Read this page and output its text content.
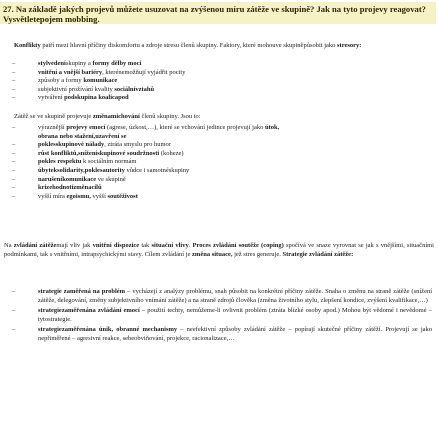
27. Na základě jakých projevů můžete usuzovat na zvýšenou míru zátěže ve skupině? Jak na tyto projevy reagovat? Vysvětletepojem mobbing.

Konflikty patří mezi hlavní příčiny diskomfortu a zdroje stresu členů skupiny. Faktory, které mohouve skupiněpůsobit jako stresory:
–	stylvedenískupiny a formy dělby moci
–	vnitřní a vnější bariéry, kterénemožňují vyjádřit pocity
–	způsoby a formy komunikace
–	subjektivní prožívání kvality sociálnívztahů
–	vytváření podskupina koalicapod
Zátěž se ve skupině projevuje změnamichování členů skupiny. Jsou to:
–	výraznější projevy emocí (agrese, úzkost,…), které se vchování jedince projevují jako útok,
obrana nebo stažení,uzavření se
–	poklesskupinové nálady, ztráta smyslu pro humor
–	růst konfliktů,sníženískupinové soudržnosti (koheze)
–	pokles respektu k sociálním normám
–	úbyteksolidarity,poklesautority vůdce i samotnéskupiny
–	narušeníkomunikace ve skupině
–	krizehodnotízměnacílů
–	vyšší míra egoismu, vyšší soutěživost
Na zvládání zátěžemají vliv jak vnitřní dispozice tak situační vlivy. Proces zvládání soutěže (coping) spočívá ve snaze vyrovnat se jak s vnějšími, situačními podmínkami, tak s vnitřními, intrapsychickými stavy. Cílem zvládání je změna situace, jež stres generuje. Strategie zvládání zátěže:
–	strategie zaměřená na problém – vycházejí z analýzy problému, snah působit na konkrétní příčiny zátěže. Snaha o změnu na straně zátěže (snížení zátěže, delegování, změny subjektivního vnímání zátěže) a na straně zdrojů člověka (změna životního stylu, zlepšení kondice, zvýšení kvalifikace,…)
–	strategiezaměřenána zvládání emocí – použití techty, nemůžeme-li ovlivnit problém (ztráta blízké osoby apod.) Mohou být vědomé i nevědomé – tytostrategie.
–	strategiezaměřenána únik, obranné mechanismy – neefektivní způsoby zvládání zátěže – popírají skutečné příčiny zátěží. Projevují se jako nepřiměřené – agresivní reakce, sebeobviňování, projekce, racionalizace,…
